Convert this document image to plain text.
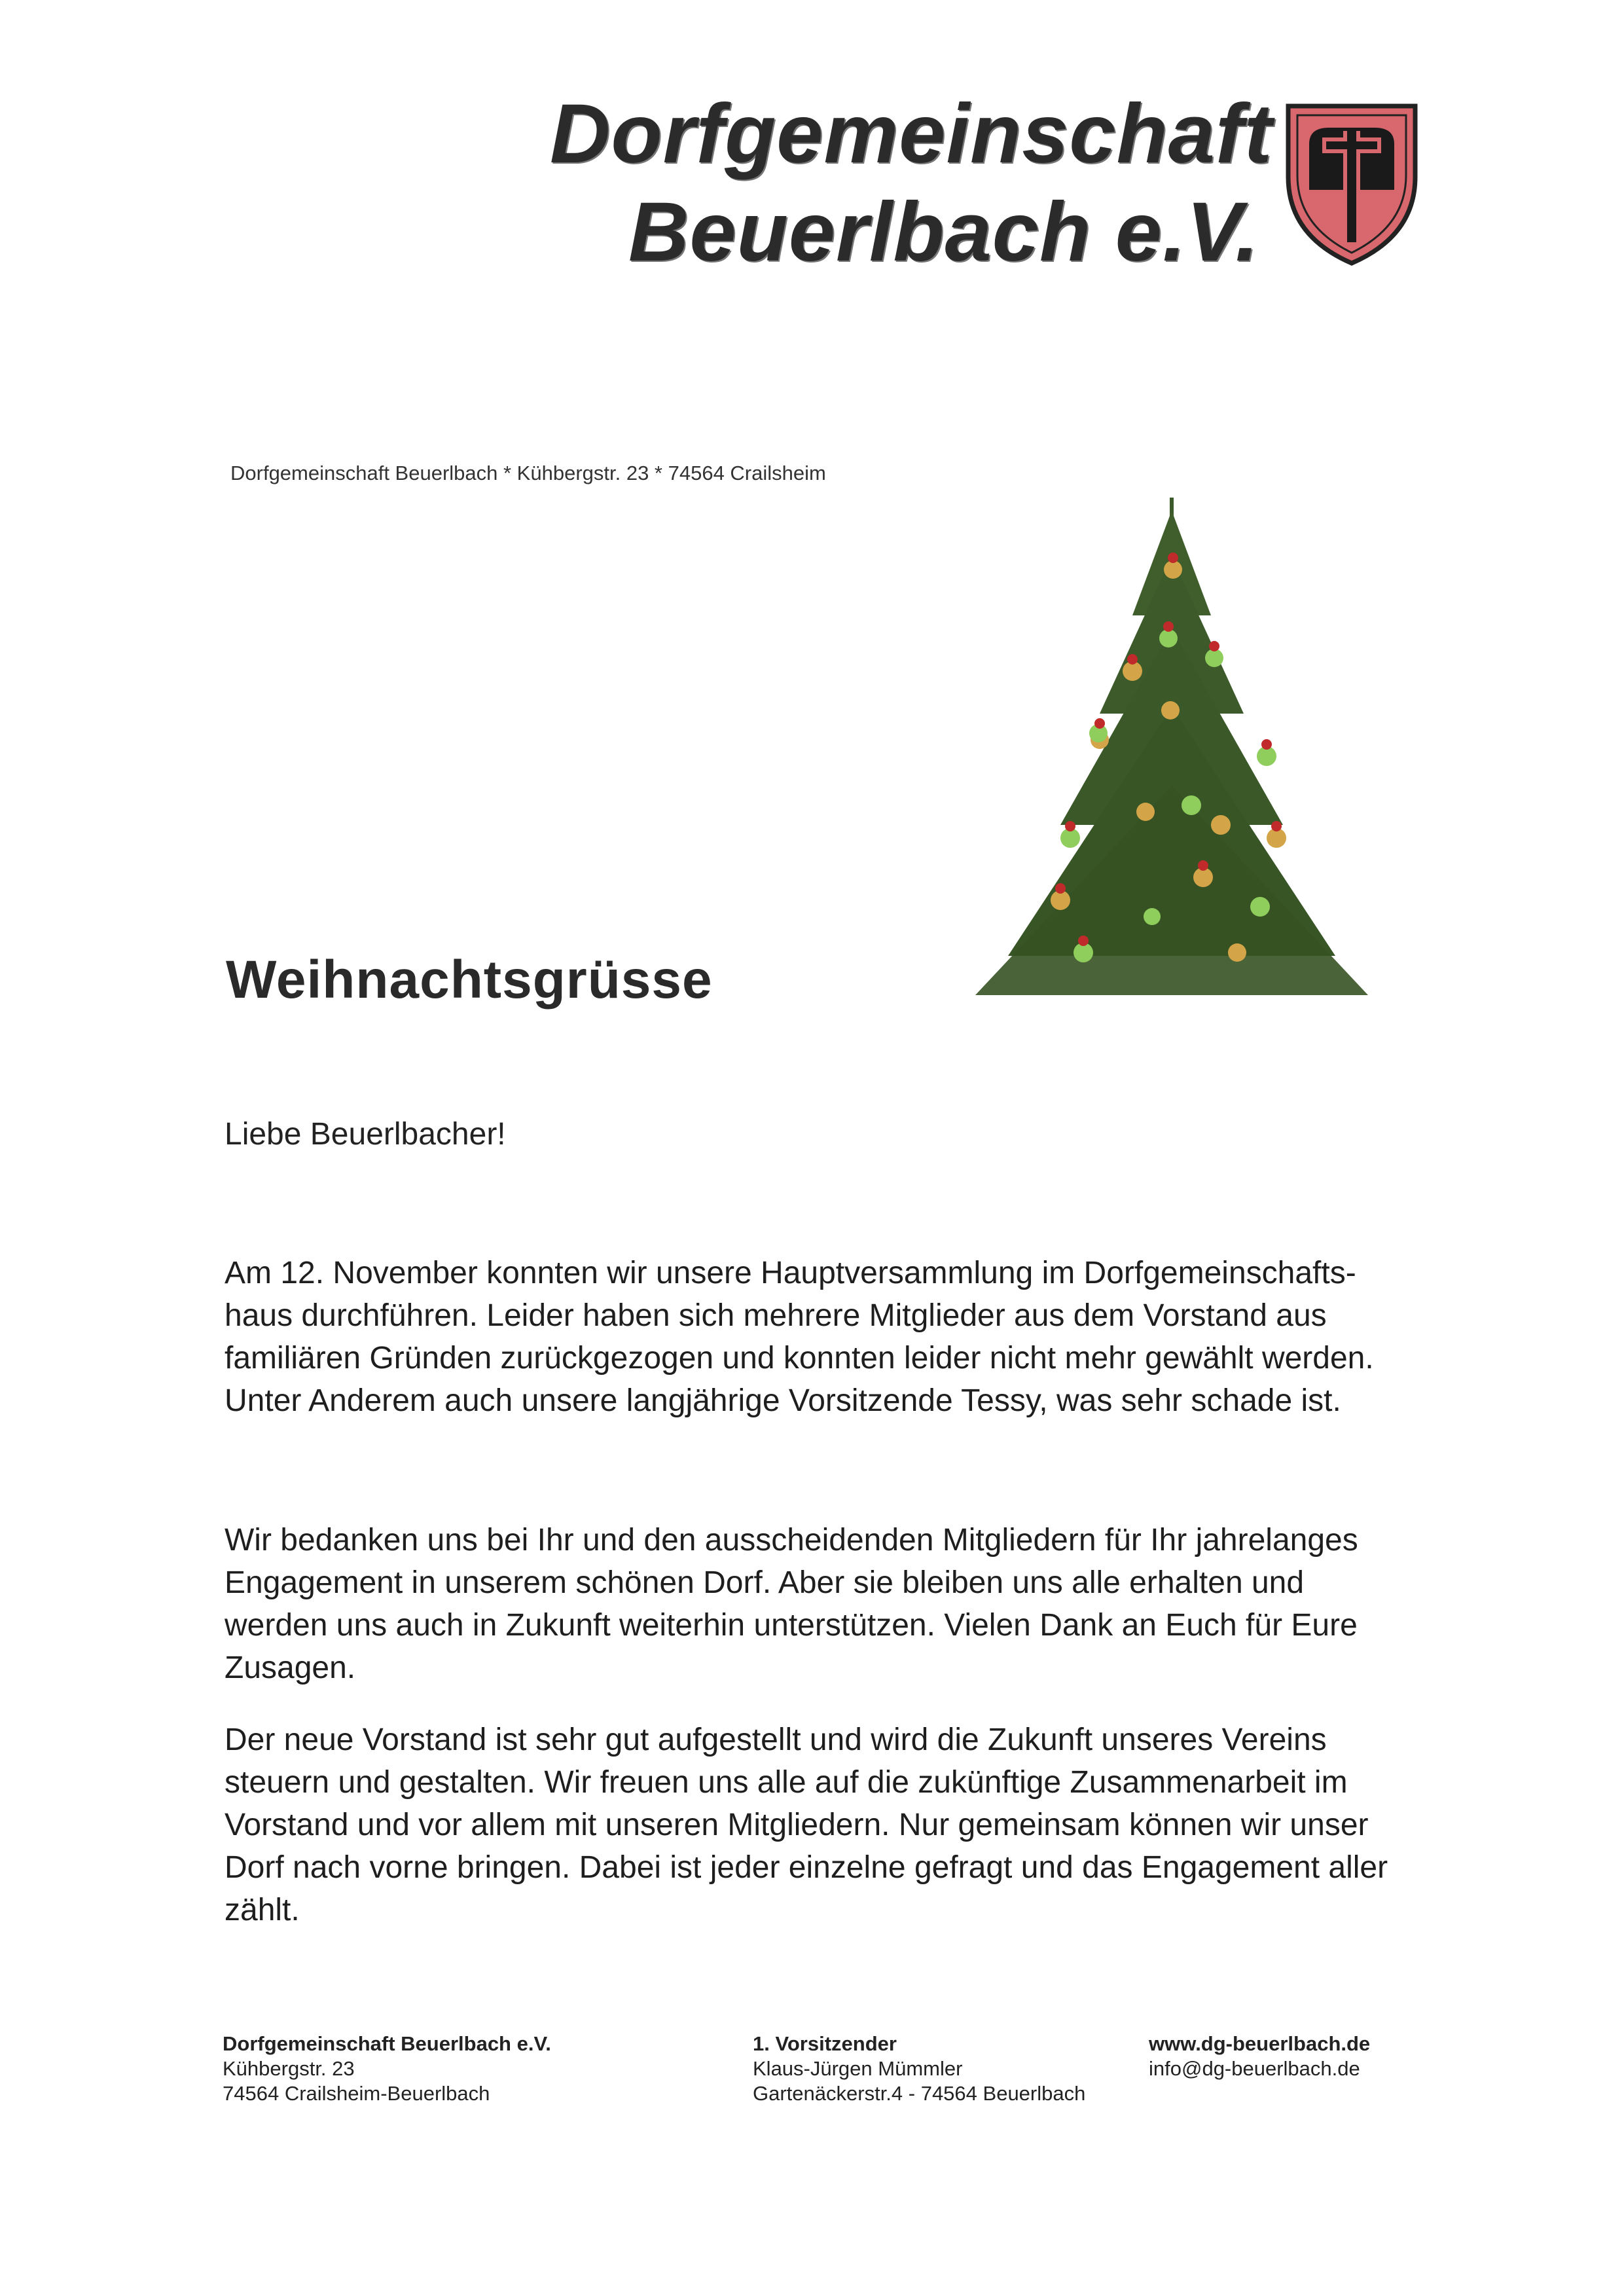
Dorfgemeinschaft
Beuerlbach e.V.
Dorfgemeinschaft Beuerlbach * Kühbergstr. 23 * 74564 Crailsheim
Weihnachtsgrüsse
Liebe Beuerlbacher!
Am 12. November konnten wir unsere Hauptversammlung im Dorfgemeinschafts-
haus durchführen. Leider haben sich mehrere Mitglieder aus dem Vorstand aus
familiären Gründen zurückgezogen und konnten leider nicht mehr gewählt werden.
Unter Anderem auch unsere langjährige Vorsitzende Tessy, was sehr schade ist.
Wir bedanken uns bei Ihr und den ausscheidenden Mitgliedern für Ihr jahrelanges
Engagement in unserem schönen Dorf. Aber sie bleiben uns alle erhalten und
werden uns auch in Zukunft weiterhin unterstützen. Vielen Dank an Euch für Eure
Zusagen.
Der neue Vorstand ist sehr gut aufgestellt und wird die Zukunft unseres Vereins
steuern und gestalten. Wir freuen uns alle auf die zukünftige Zusammenarbeit im
Vorstand und vor allem mit unseren Mitgliedern. Nur gemeinsam können wir unser
Dorf nach vorne bringen. Dabei ist jeder einzelne gefragt und das Engagement aller
zählt.
Dorfgemeinschaft Beuerlbach e.V.
Kühbergstr. 23
74564 Crailsheim-Beuerlbach
1. Vorsitzender
Klaus-Jürgen Mümmler
Gartenäckerstr.4 - 74564 Beuerlbach
www.dg-beuerlbach.de
info@dg-beuerlbach.de
